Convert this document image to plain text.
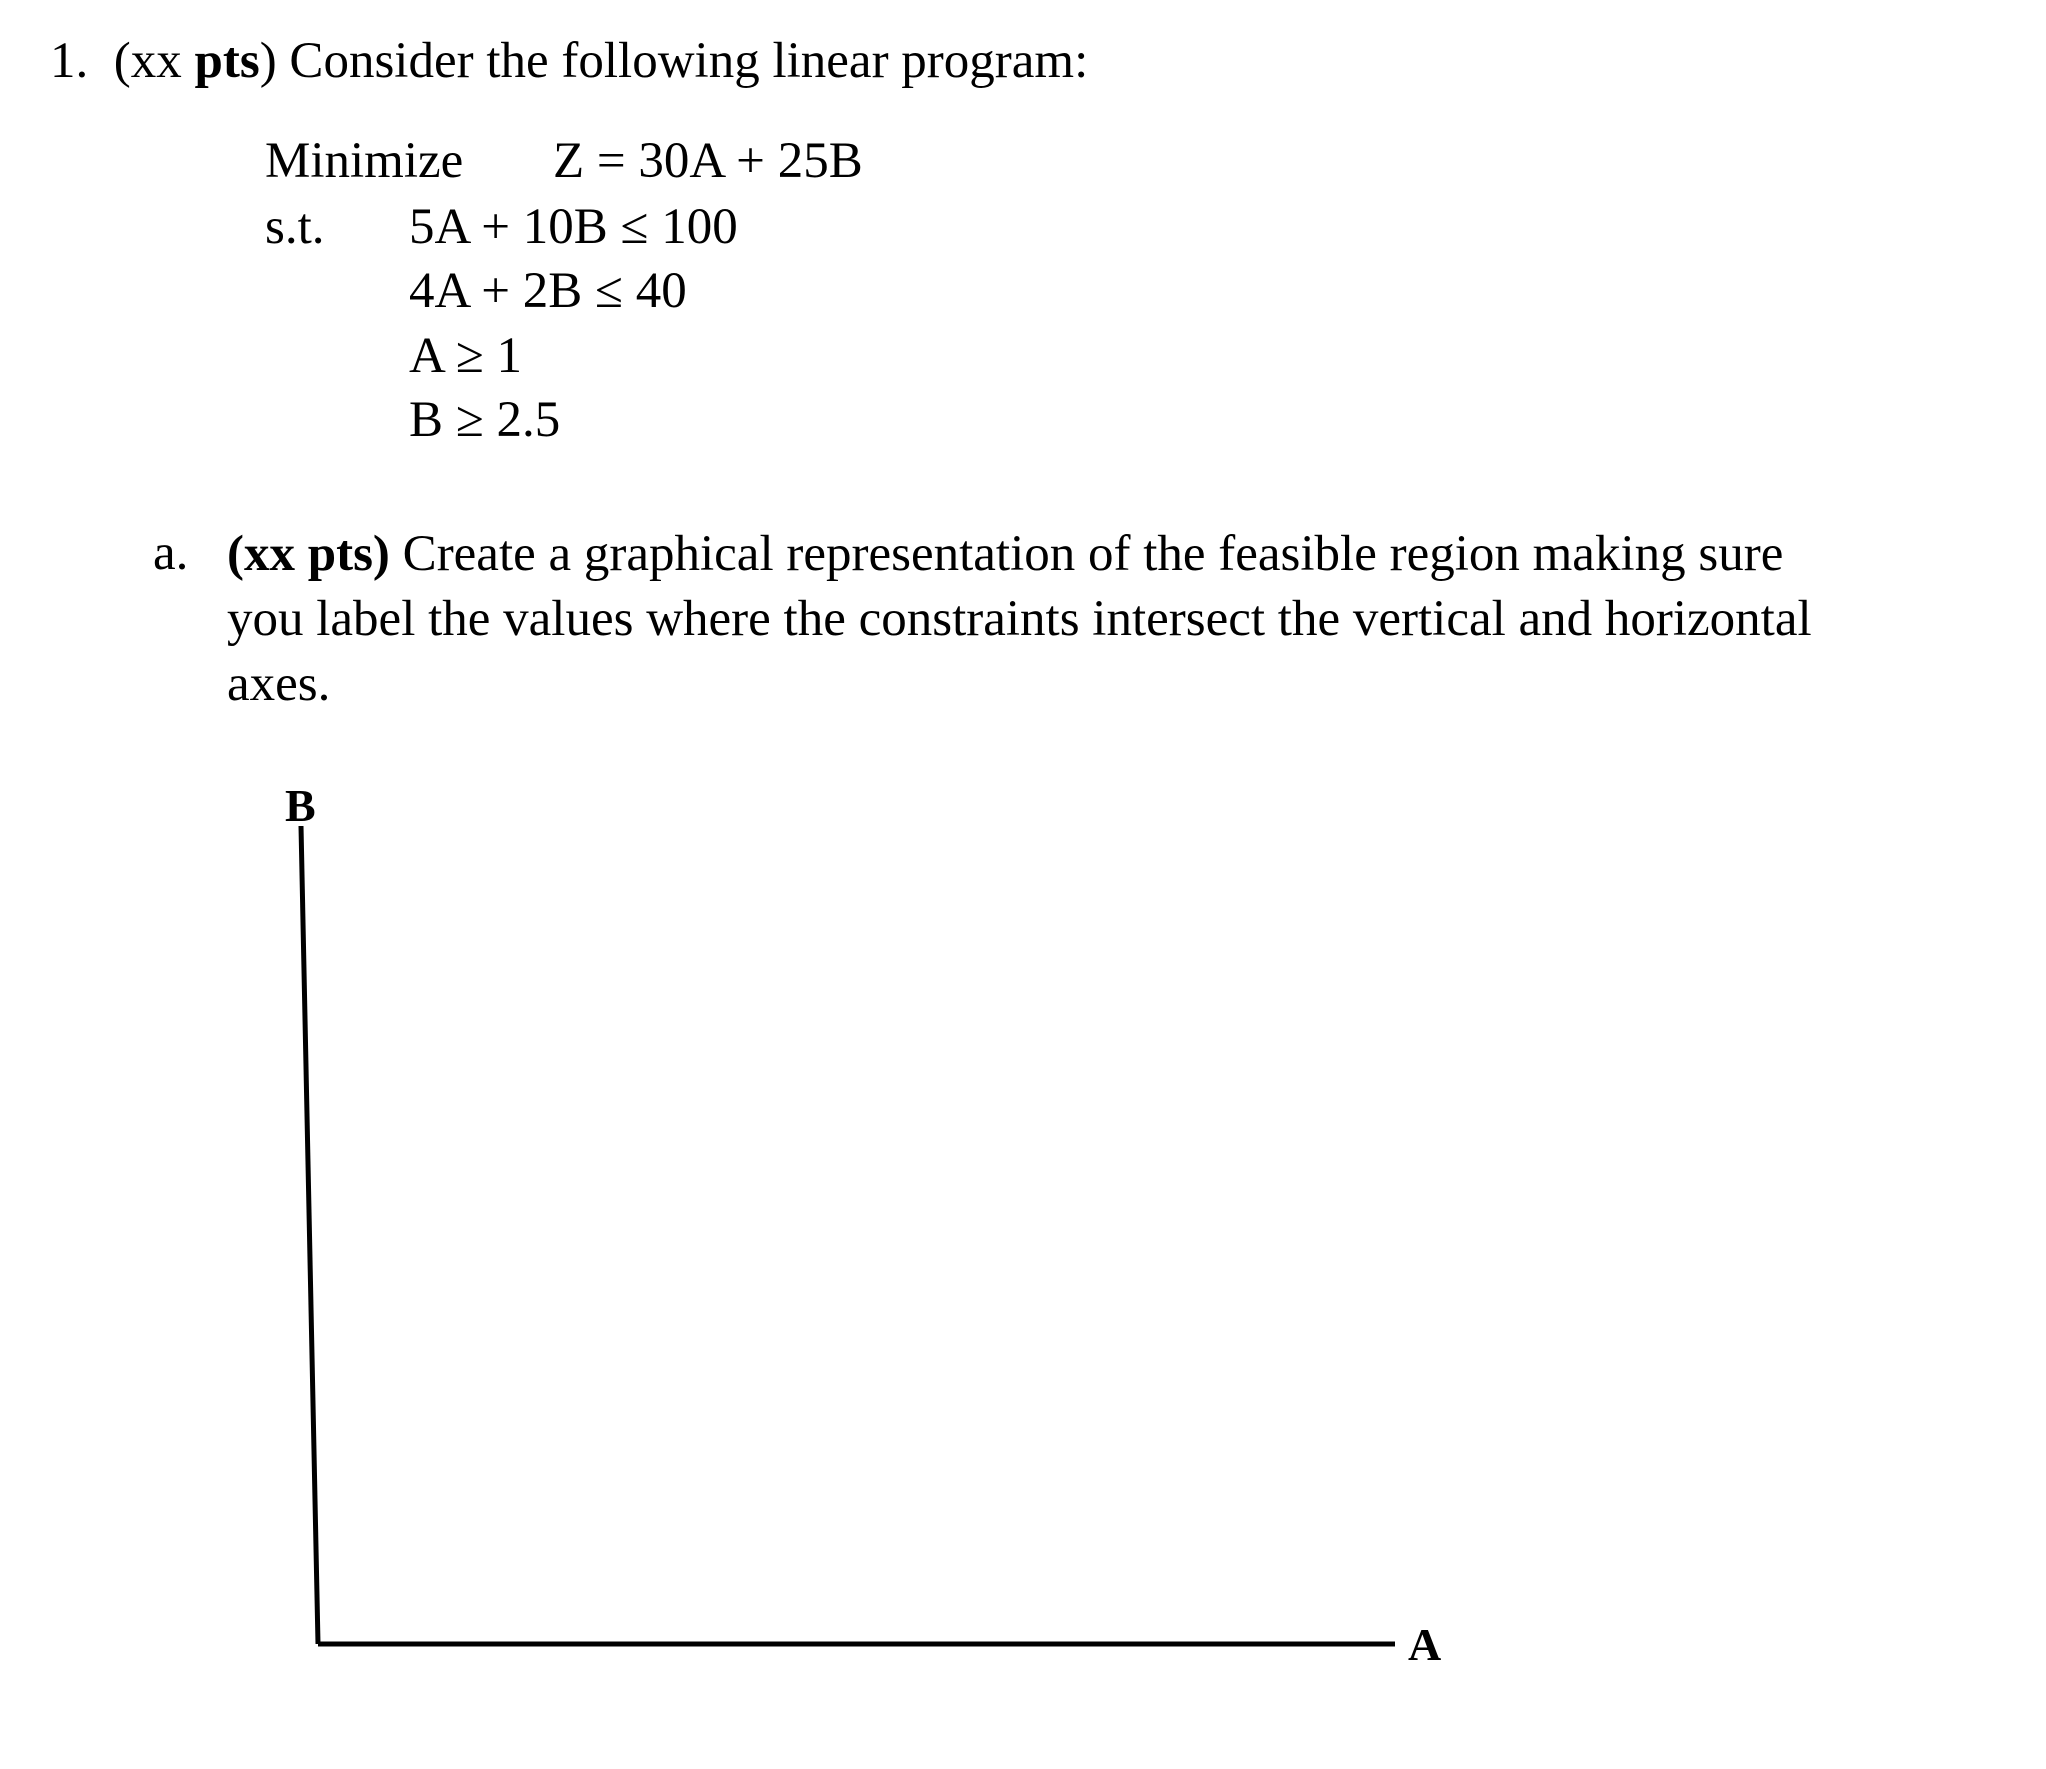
1. (xx pts) Consider the following linear program:
Minimize Z = 30A + 25B
s.t. 5A + 10B ≤ 100
4A + 2B ≤ 40
A ≥ 1
B ≥ 2.5
a. (xx pts) Create a graphical representation of the feasible region making sure you label the values where the constraints intersect the vertical and horizontal axes.
B
A
